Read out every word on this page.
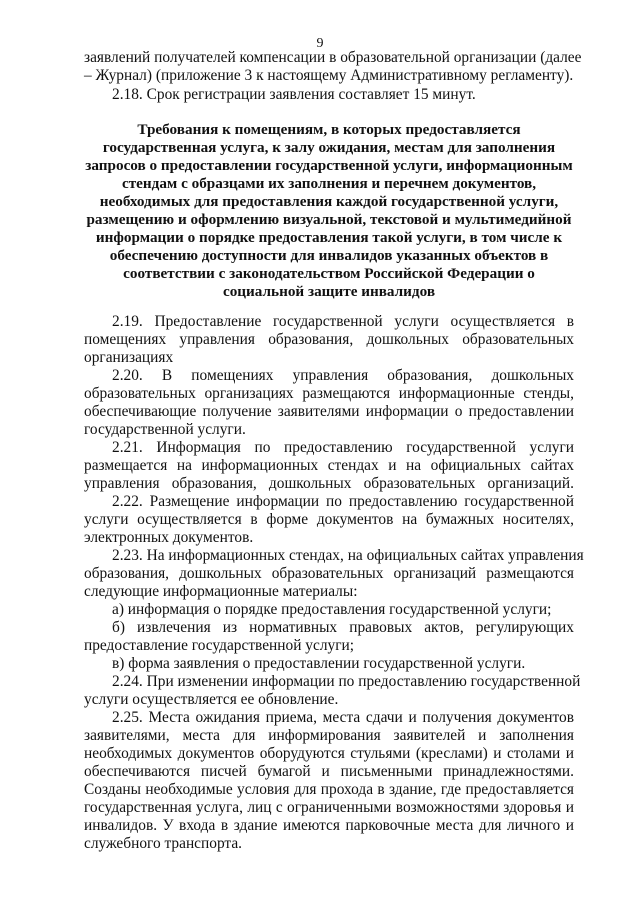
9
заявлений получателей компенсации в образовательной организации (далее
– Журнал) (приложение 3 к настоящему Административному регламенту).
2.18. Срок регистрации заявления составляет 15 минут.
Требования к помещениям, в которых предоставляется
государственная услуга, к залу ожидания, местам для заполнения
запросов о предоставлении государственной услуги, информационным
стендам с образцами их заполнения и перечнем документов,
необходимых для предоставления каждой государственной услуги,
размещению и оформлению визуальной, текстовой и мультимедийной
информации о порядке предоставления такой услуги, в том числе к
обеспечению доступности для инвалидов указанных объектов в
соответствии с законодательством Российской Федерации о
социальной защите инвалидов
2.19. Предоставление государственной услуги осуществляется в
помещениях управления образования, дошкольных образовательных
организациях
2.20. В помещениях управления образования, дошкольных
образовательных организациях размещаются информационные стенды,
обеспечивающие получение заявителями информации о предоставлении
государственной услуги.
2.21. Информация по предоставлению государственной услуги
размещается на информационных стендах и на официальных сайтах
управления образования, дошкольных образовательных организаций.
2.22. Размещение информации по предоставлению государственной
услуги осуществляется в форме документов на бумажных носителях,
электронных документов.
2.23. На информационных стендах, на официальных сайтах управления
образования, дошкольных образовательных организаций размещаются
следующие информационные материалы:
а) информация о порядке предоставления государственной услуги;
б) извлечения из нормативных правовых актов, регулирующих
предоставление государственной услуги;
в) форма заявления о предоставлении государственной услуги.
2.24. При изменении информации по предоставлению государственной
услуги осуществляется ее обновление.
2.25. Места ожидания приема, места сдачи и получения документов
заявителями, места для информирования заявителей и заполнения
необходимых документов оборудуются стульями (креслами) и столами и
обеспечиваются писчей бумагой и письменными принадлежностями.
Созданы необходимые условия для прохода в здание, где предоставляется
государственная услуга, лиц с ограниченными возможностями здоровья и
инвалидов. У входа в здание имеются парковочные места для личного и
служебного транспорта.
